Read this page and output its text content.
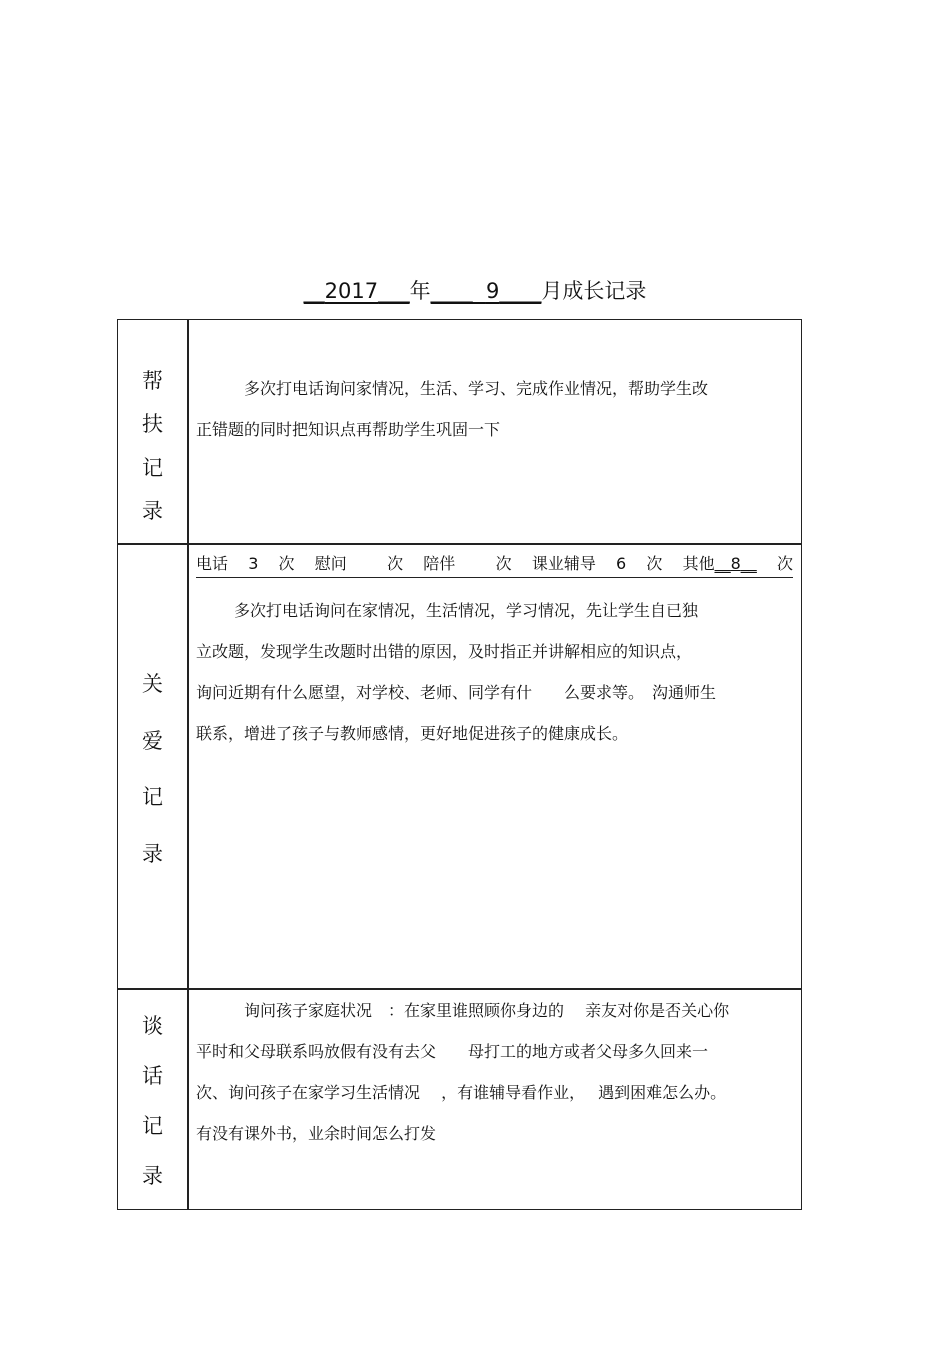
__2017___年____  9____月成长记录
帮
扶
记
录
多次打电话询问家情况，生活、学习、完成作业情况，帮助学生改
正错题的同时把知识点再帮助学生巩固一下
关
爱
记
录
电话 3 次 慰问	次 陪伴	次 课业辅导 6 次 其他__8__ 次
多次打电话询问在家情况，生活情况，学习情况，先让学生自已独
立改题，发现学生改题时出错的原因，及时指正并讲解相应的知识点，
询问近期有什么愿望，对学校、老师、同学有什　　么要求等。　沟通师生
联系，增进了孩子与教师感情，更好地促进孩子的健康成长。
谈
话
记
录
询问孩子家庭状况　：在家里谁照顾你身边的　 亲友对你是否关心你
平时和父母联系吗放假有没有去父　　母打工的地方或者父母多久回来一
次、询问孩子在家学习生活情况　 ，有谁辅导看作业，　 遇到困难怎么办。
有没有课外书，业余时间怎么打发
